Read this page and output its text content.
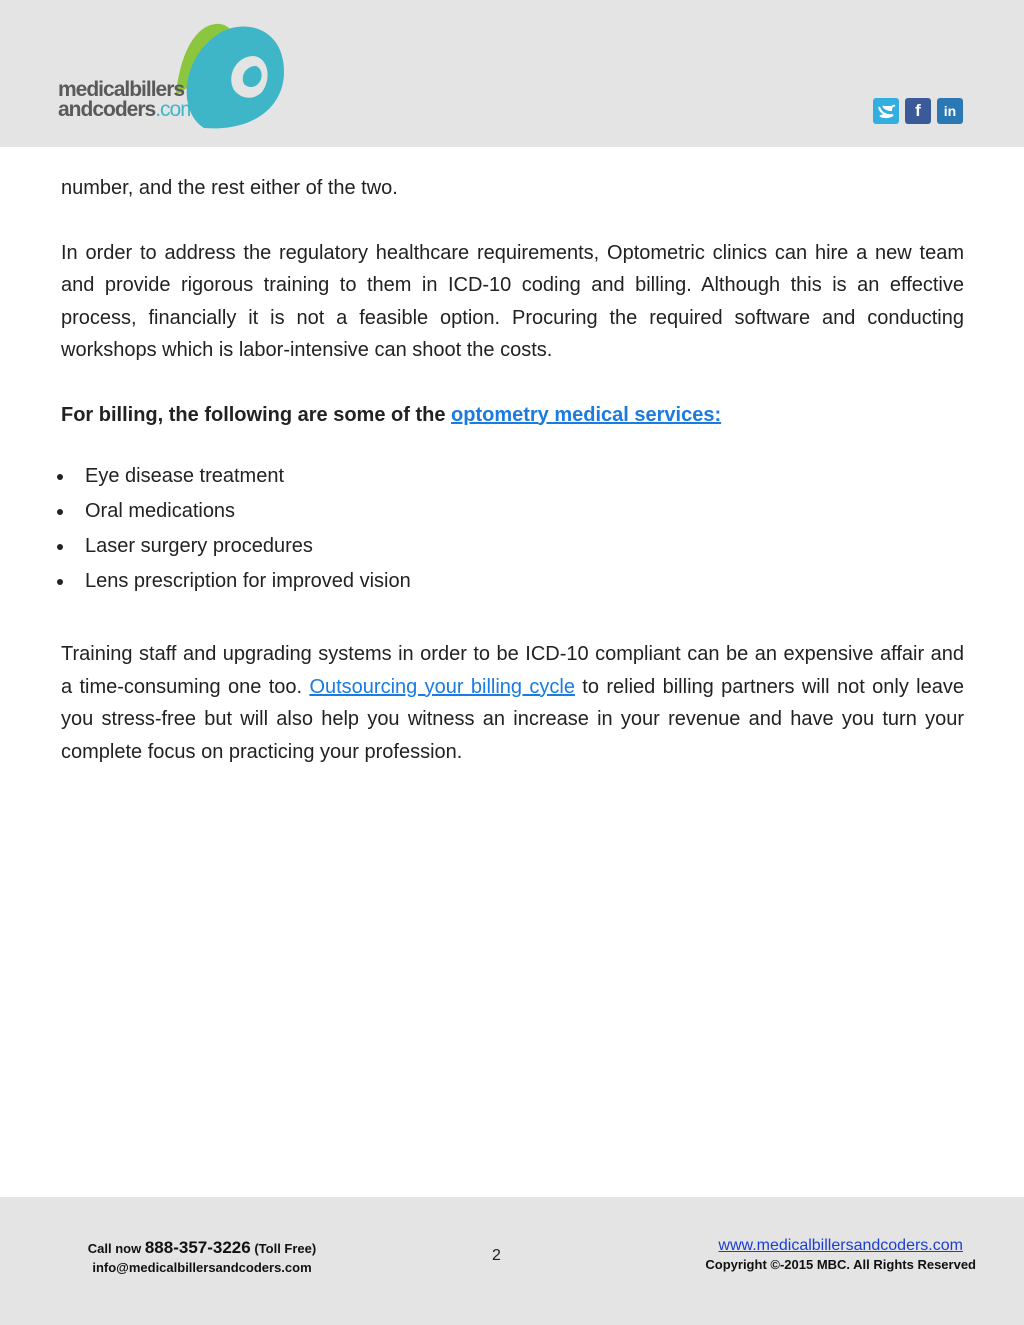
medicalbillers
andcoders.com	f	in

number, and the rest either of the two.

In order to address the regulatory healthcare requirements, Optometric clinics can hire a new team and provide rigorous training to them in ICD-10 coding and billing. Although this is an effective process, financially it is not a feasible option. Procuring the required software and conducting workshops which is labor-intensive can shoot the costs.

For billing, the following are some of the optometry medical services:

Eye disease treatment
Oral medications
Laser surgery procedures
Lens prescription for improved vision

Training staff and upgrading systems in order to be ICD-10 compliant can be an expensive affair and a time-consuming one too. Outsourcing your billing cycle to relied billing partners will not only leave you stress-free but will also help you witness an increase in your revenue and have you turn your complete focus on practicing your profession.

Call now 888-357-3226 (Toll Free)
info@medicalbillersandcoders.com
2
www.medicalbillersandcoders.com
Copyright ©-2015 MBC. All Rights Reserved
